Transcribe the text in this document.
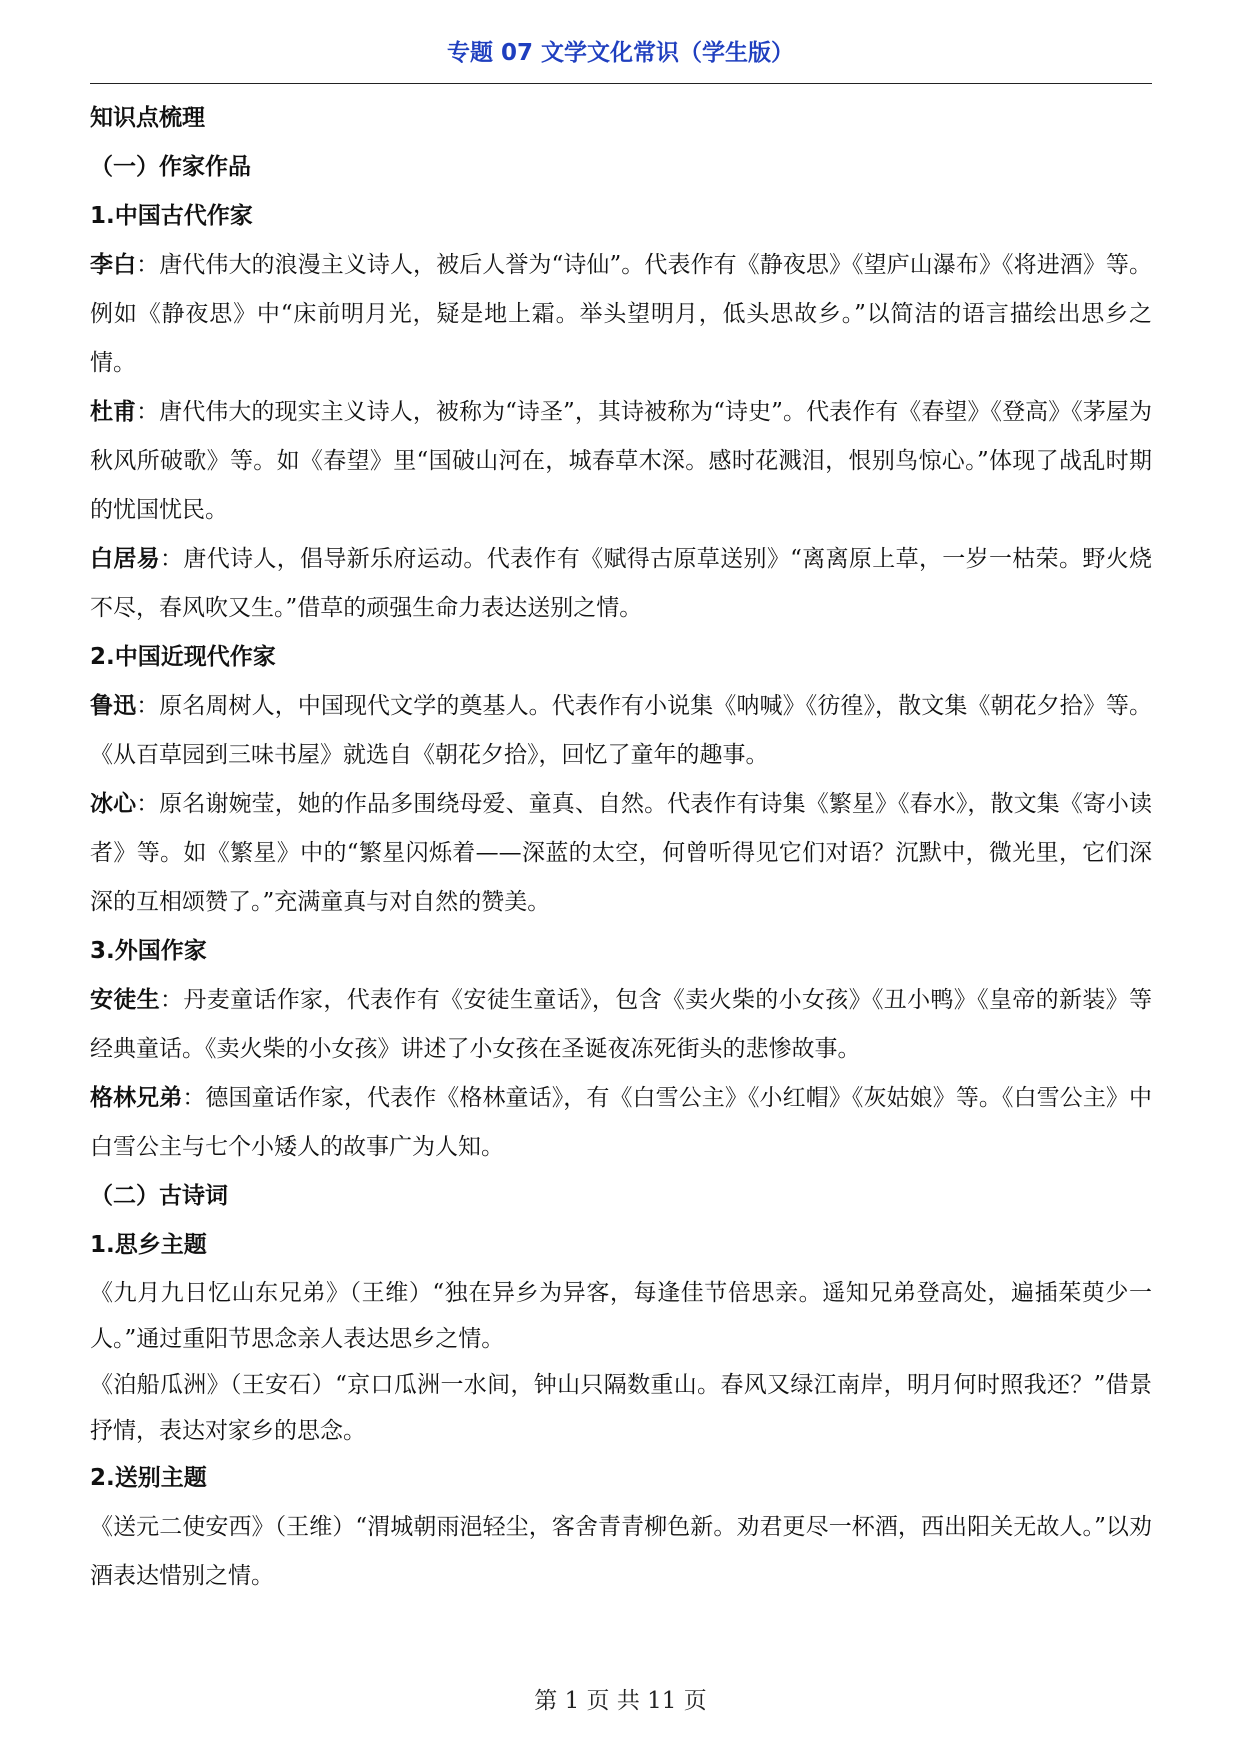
专题 07 文学文化常识（学生版）
知识点梳理
（一）作家作品
1.中国古代作家
李白：唐代伟大的浪漫主义诗人，被后人誉为“诗仙”。代表作有《静夜思》《望庐山瀑布》《将进酒》等。例如《静夜思》中“床前明月光，疑是地上霜。举头望明月，低头思故乡。”以简洁的语言描绘出思乡之情。
杜甫：唐代伟大的现实主义诗人，被称为“诗圣”，其诗被称为“诗史”。代表作有《春望》《登高》《茅屋为秋风所破歌》等。如《春望》里“国破山河在，城春草木深。感时花溅泪，恨别鸟惊心。”体现了战乱时期的忧国忧民。
白居易：唐代诗人，倡导新乐府运动。代表作有《赋得古原草送别》“离离原上草，一岁一枯荣。野火烧不尽，春风吹又生。”借草的顽强生命力表达送别之情。
2.中国近现代作家
鲁迅：原名周树人，中国现代文学的奠基人。代表作有小说集《呐喊》《彷徨》，散文集《朝花夕拾》等。《从百草园到三味书屋》就选自《朝花夕拾》，回忆了童年的趣事。
冰心：原名谢婉莹，她的作品多围绕母爱、童真、自然。代表作有诗集《繁星》《春水》，散文集《寄小读者》等。如《繁星》中的“繁星闪烁着——深蓝的太空，何曾听得见它们对语？沉默中，微光里，它们深深的互相颂赞了。”充满童真与对自然的赞美。
3.外国作家
安徒生：丹麦童话作家，代表作有《安徒生童话》，包含《卖火柴的小女孩》《丑小鸭》《皇帝的新装》等经典童话。《卖火柴的小女孩》讲述了小女孩在圣诞夜冻死街头的悲惨故事。
格林兄弟：德国童话作家，代表作《格林童话》，有《白雪公主》《小红帽》《灰姑娘》等。《白雪公主》中白雪公主与七个小矮人的故事广为人知。
（二）古诗词
1.思乡主题
《九月九日忆山东兄弟》（王维）“独在异乡为异客，每逢佳节倍思亲。遥知兄弟登高处，遍插茱萸少一人。”通过重阳节思念亲人表达思乡之情。
《泊船瓜洲》（王安石）“京口瓜洲一水间，钟山只隔数重山。春风又绿江南岸，明月何时照我还？”借景抒情，表达对家乡的思念。
2.送别主题
《送元二使安西》（王维）“渭城朝雨浥轻尘，客舍青青柳色新。劝君更尽一杯酒，西出阳关无故人。”以劝酒表达惜别之情。
第 1 页 共 11 页
